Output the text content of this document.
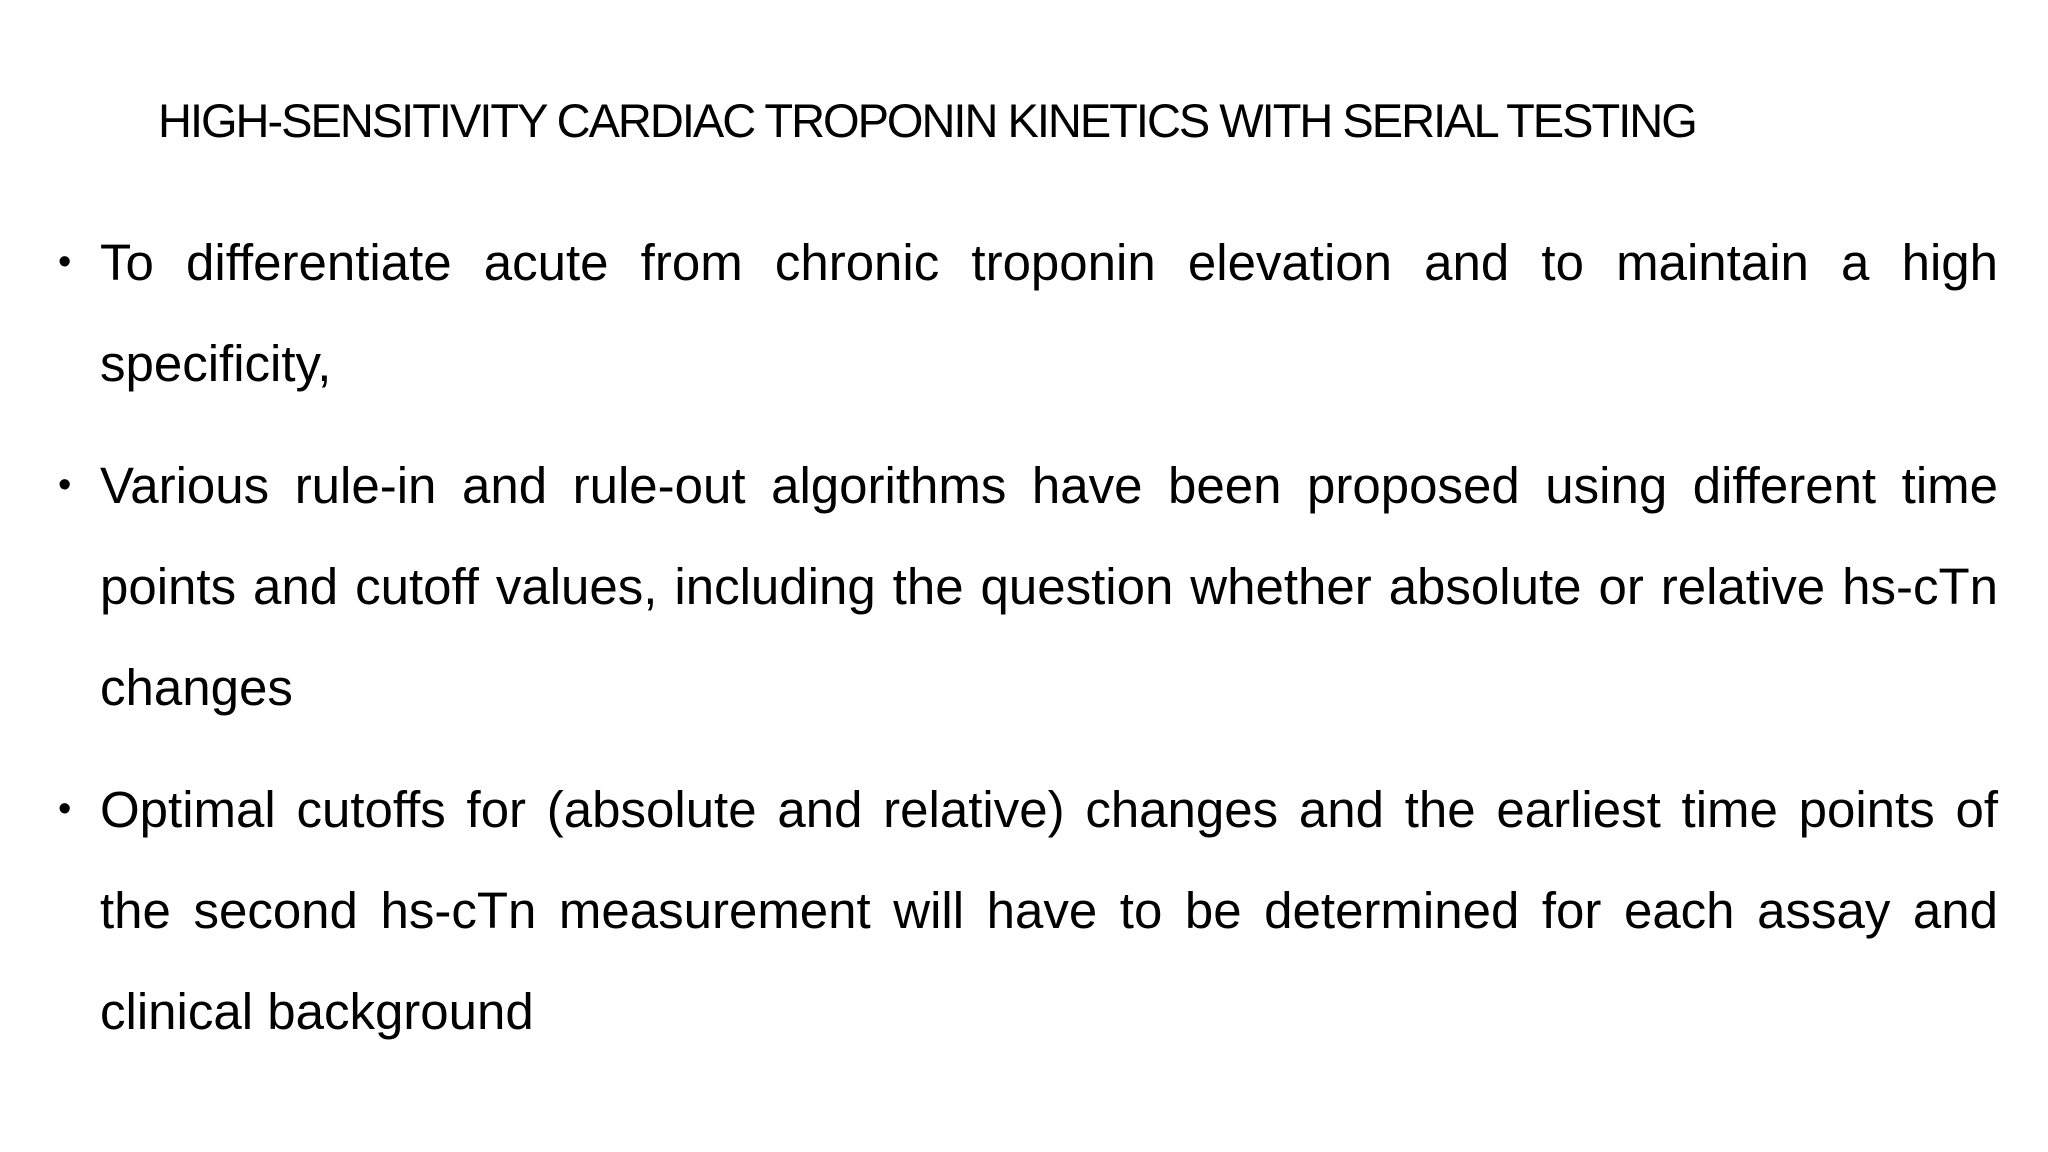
HIGH-SENSITIVITY CARDIAC TROPONIN KINETICS WITH SERIAL TESTING
• To differentiate acute from chronic troponin elevation and to maintain a high specificity,
• Various rule-in and rule-out algorithms have been proposed using different time points and cutoff values, including the question whether absolute or relative hs-cTn changes
• Optimal cutoffs for (absolute and relative) changes and the earliest time points of the second hs-cTn measurement will have to be determined for each assay and clinical background
